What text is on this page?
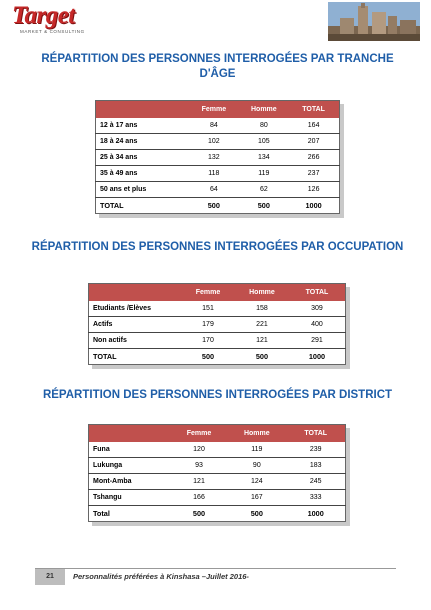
Target
MARKET & CONSULTING
RÉPARTITION DES PERSONNES INTERROGÉES PAR TRANCHE D'ÂGE
	Femme	Homme	TOTAL
12 à 17 ans	84	80	164
18 à 24 ans	102	105	207
25 à 34 ans	132	134	266
35 à 49 ans	118	119	237
50 ans et plus	64	62	126
TOTAL	500	500	1000
RÉPARTITION DES PERSONNES INTERROGÉES PAR OCCUPATION
	Femme	Homme	TOTAL
Etudiants /Elèves	151	158	309
Actifs	179	221	400
Non actifs	170	121	291
TOTAL	500	500	1000
RÉPARTITION DES PERSONNES INTERROGÉES PAR DISTRICT
	Femme	Homme	TOTAL
Funa	120	119	239
Lukunga	93	90	183
Mont-Amba	121	124	245
Tshangu	166	167	333
Total	500	500	1000
21	Personnalités préférées à Kinshasa –Juillet 2016-
